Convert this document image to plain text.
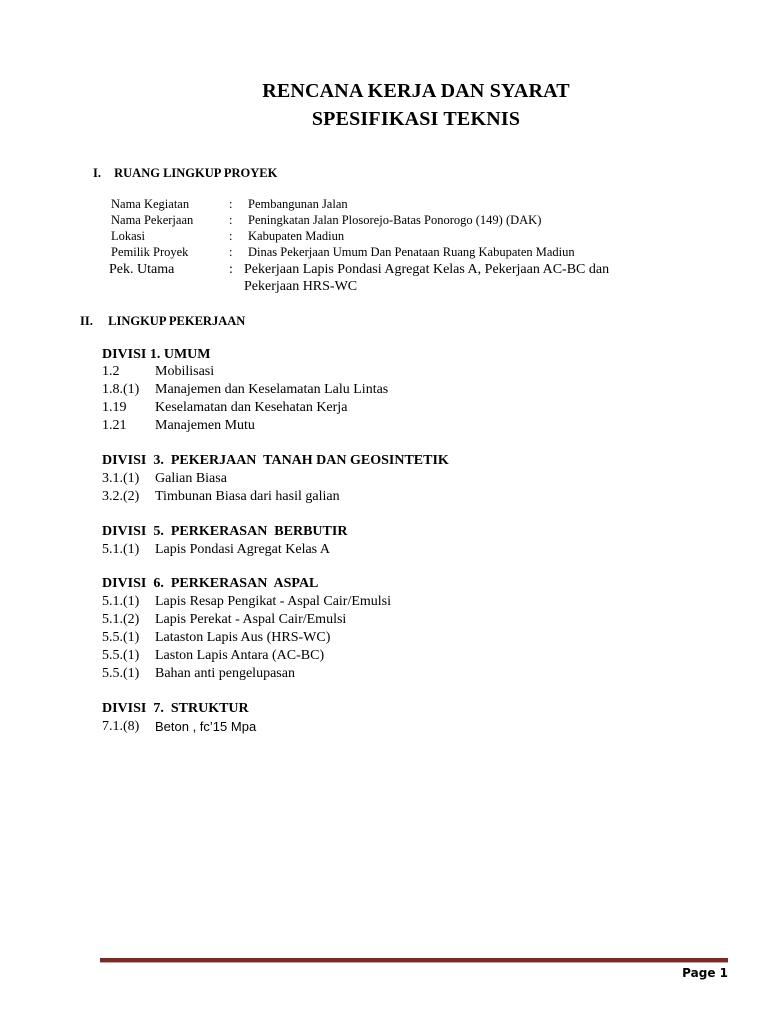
RENCANA KERJA DAN SYARAT
SPESIFIKASI TEKNIS
I. RUANG LINGKUP PROYEK
Nama Kegiatan	: Pembangunan Jalan
Nama Pekerjaan	: Peningkatan Jalan Plosorejo-Batas Ponorogo (149) (DAK)
Lokasi	: Kabupaten Madiun
Pemilik Proyek	: Dinas Pekerjaan Umum Dan Penataan Ruang Kabupaten Madiun
Pek. Utama	: Pekerjaan Lapis Pondasi Agregat Kelas A, Pekerjaan AC-BC dan
Pekerjaan HRS-WC
II. LINGKUP PEKERJAAN
DIVISI 1. UMUM
1.2	Mobilisasi
1.8.(1) Manajemen dan Keselamatan Lalu Lintas
1.19 Keselamatan dan Kesehatan Kerja
1.21 Manajemen Mutu
DIVISI  3.  PEKERJAAN  TANAH DAN GEOSINTETIK
3.1.(1) Galian Biasa
3.2.(2) Timbunan Biasa dari hasil galian
DIVISI  5.  PERKERASAN  BERBUTIR
5.1.(1) Lapis Pondasi Agregat Kelas A
DIVISI  6.  PERKERASAN  ASPAL
5.1.(1) Lapis Resap Pengikat - Aspal Cair/Emulsi
5.1.(2) Lapis Perekat - Aspal Cair/Emulsi
5.5.(1) Lataston Lapis Aus (HRS-WC)
5.5.(1) Laston Lapis Antara (AC-BC)
5.5.(1) Bahan anti pengelupasan
DIVISI  7.  STRUKTUR
7.1.(8) Beton , fc’15 Mpa
Page 1
